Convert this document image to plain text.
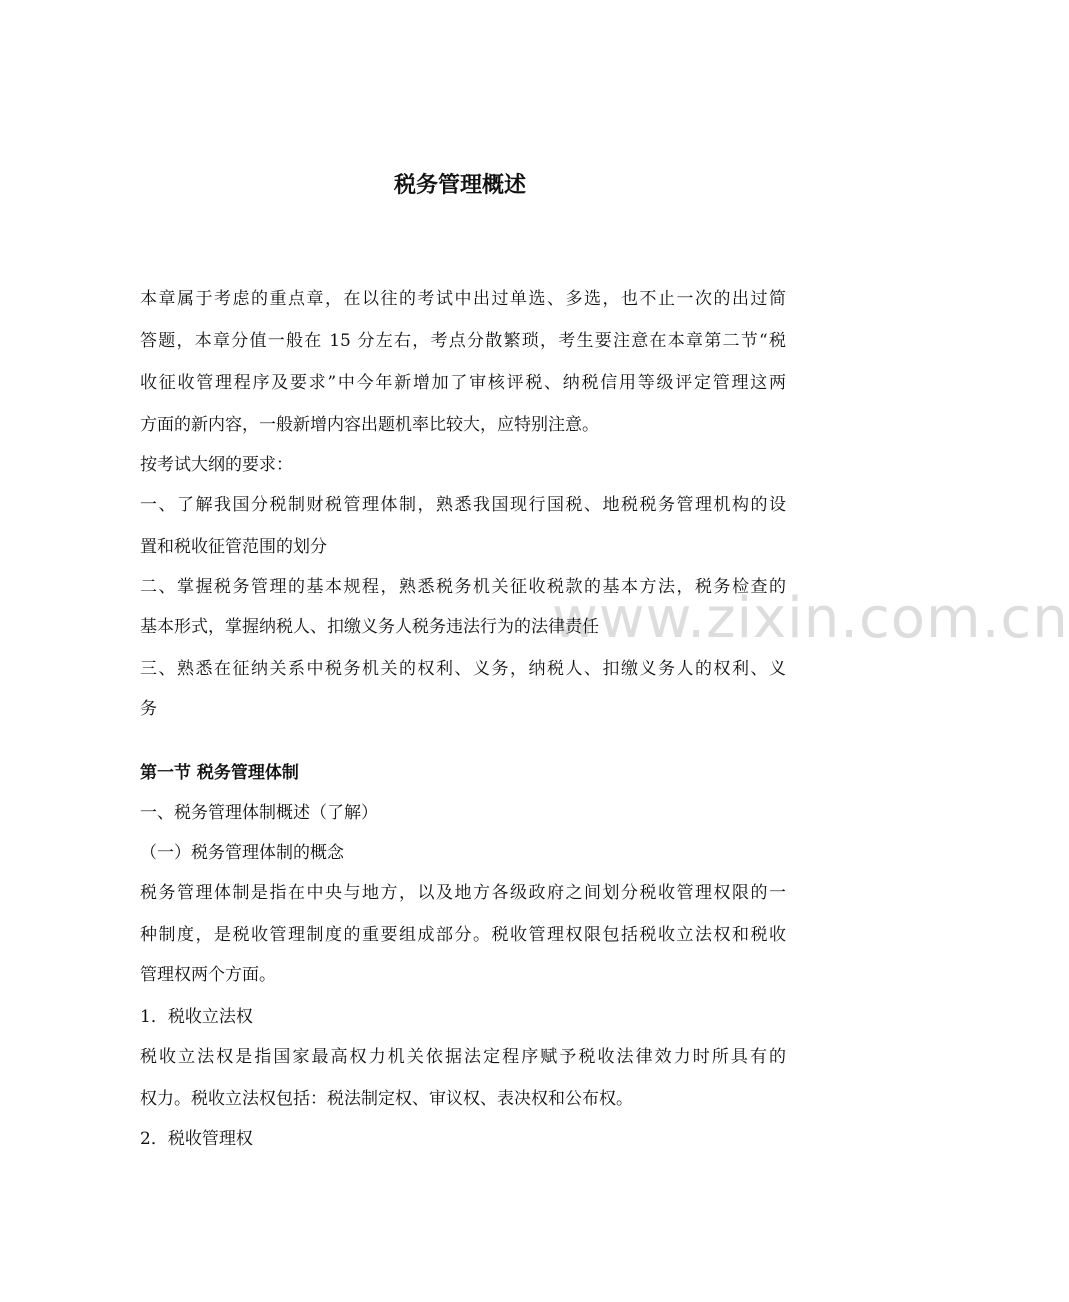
www.zixin.com.cn
税务管理概述
本章属于考虑的重点章，在以往的考试中出过单选、多选，也不止一次的出过简
答题，本章分值一般在 15 分左右，考点分散繁琐，考生要注意在本章第二节“税
收征收管理程序及要求”中今年新增加了审核评税、纳税信用等级评定管理这两
方面的新内容，一般新增内容出题机率比较大，应特别注意。
按考试大纲的要求：
一、了解我国分税制财税管理体制，熟悉我国现行国税、地税税务管理机构的设
置和税收征管范围的划分
二、掌握税务管理的基本规程，熟悉税务机关征收税款的基本方法，税务检查的
基本形式，掌握纳税人、扣缴义务人税务违法行为的法律责任
三、熟悉在征纳关系中税务机关的权利、义务，纳税人、扣缴义务人的权利、义
务
第一节 税务管理体制
一、税务管理体制概述（了解）
（一）税务管理体制的概念
税务管理体制是指在中央与地方，以及地方各级政府之间划分税收管理权限的一
种制度，是税收管理制度的重要组成部分。税收管理权限包括税收立法权和税收
管理权两个方面。
1．税收立法权
税收立法权是指国家最高权力机关依据法定程序赋予税收法律效力时所具有的
权力。税收立法权包括：税法制定权、审议权、表决权和公布权。
2．税收管理权
